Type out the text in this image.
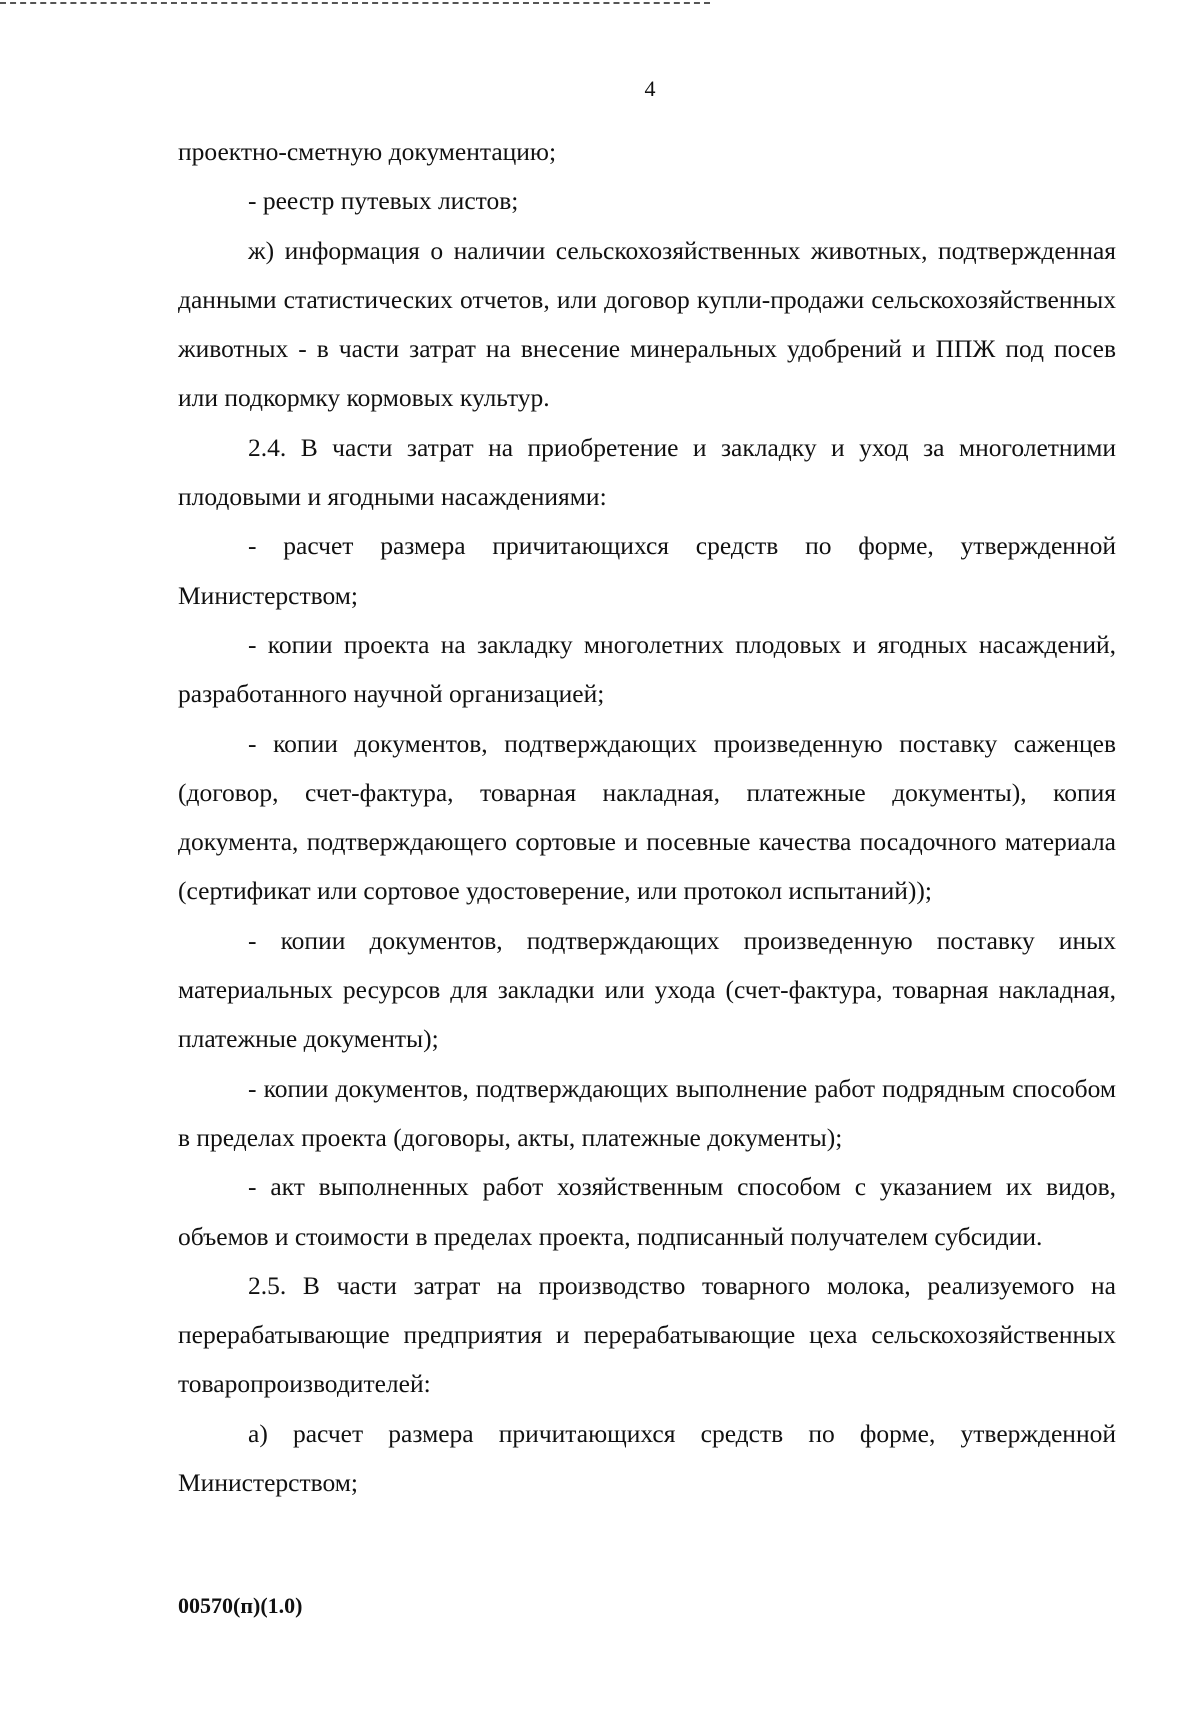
4

проектно-сметную документацию;

- реестр путевых листов;

ж) информация о наличии сельскохозяйственных животных, подтвержденная данными статистических отчетов, или договор купли-продажи сельскохозяйственных животных - в части затрат на внесение минеральных удобрений и ППЖ под посев или подкормку кормовых культур.

2.4. В части затрат на приобретение и закладку и уход за многолетними плодовыми и ягодными насаждениями:

- расчет размера причитающихся средств по форме, утвержденной Министерством;

- копии проекта на закладку многолетних плодовых и ягодных насаждений, разработанного научной организацией;

- копии документов, подтверждающих произведенную поставку саженцев (договор, счет-фактура, товарная накладная, платежные документы), копия документа, подтверждающего сортовые и посевные качества посадочного материала (сертификат или сортовое удостоверение, или протокол испытаний));

- копии документов, подтверждающих произведенную поставку иных материальных ресурсов для закладки или ухода (счет-фактура, товарная накладная, платежные документы);

- копии документов, подтверждающих выполнение работ подрядным способом в пределах проекта (договоры, акты, платежные документы);

- акт выполненных работ хозяйственным способом с указанием их видов, объемов и стоимости в пределах проекта, подписанный получателем субсидии.

2.5. В части затрат на производство товарного молока, реализуемого на перерабатывающие предприятия и перерабатывающие цеха сельскохозяйственных товаропроизводителей:

а) расчет размера причитающихся средств по форме, утвержденной Министерством;

00570(п)(1.0)
